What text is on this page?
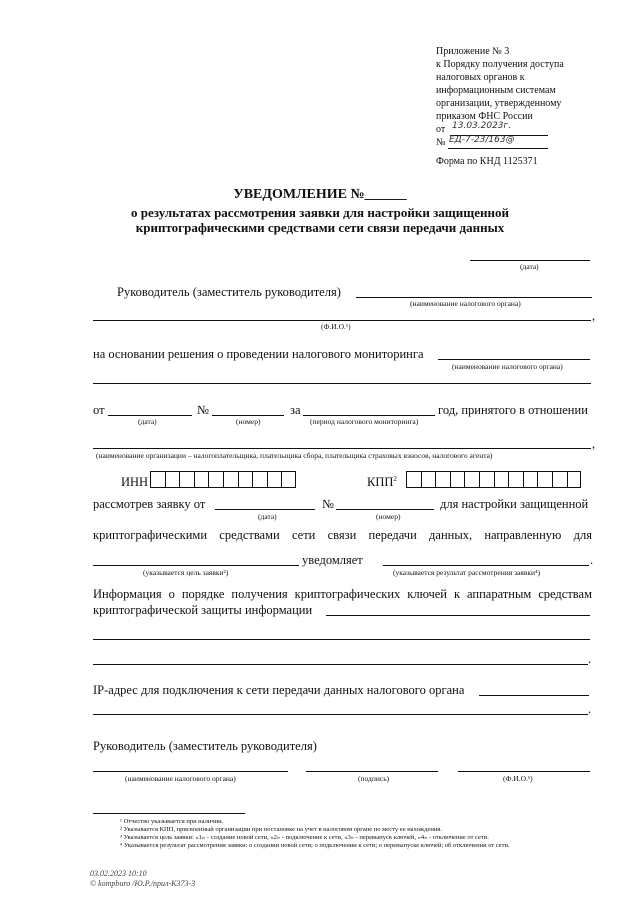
Приложение № 3
к Порядку получения доступа
налоговых органов к
информационным системам
организации, утвержденному
приказом ФНС России
от 13.03.2023г.
№ ЕД-7-23/163@
Форма по КНД 1125371
УВЕДОМЛЕНИЕ №______
о результатах рассмотрения заявки для настройки защищенной
криптографическими средствами сети связи передачи данных
(дата)
Руководитель (заместитель руководителя)
(наименование налогового органа)
,
(Ф.И.О.¹)
на основании решения о проведении налогового мониторинга
(наименование налогового органа)
от
(дата)
№
(номер)
за
(период налогового мониторинга)
год, принятого в отношении
,
(наименование организации – налогоплательщика, плательщика сбора, плательщика страховых взносов, налогового агента)
ИНН	КПП$^2$
рассмотрев заявку от
(дата)
№
(номер)
для настройки защищенной
криптографическими средствами сети связи передачи данных, направленную для
(указывается цель заявки²)
уведомляет	.
(указывается результат рассмотрения заявки⁴)
Информация о порядке получения криптографических ключей к аппаратным средствам
криптографической защиты информации
.
IP-адрес для подключения к сети передачи данных налогового органа
.
Руководитель (заместитель руководителя)
(наименование налогового органа)	(подпись)	(Ф.И.О.¹)
¹ Отчество указывается при наличии.
² Указывается КПП, присвоенный организации при постановке на учет в налоговом органе по месту ее нахождения.
³ Указывается цель заявки: «1» - создание новой сети, «2» - подключение к сети, «3» - перевыпуск ключей, «4» - отключение от сети.
⁴ Указывается результат рассмотрения заявки: о создании новой сети; о подключении к сети; о перевыпуске ключей; об отключении от сети.
03.02.2023 10:10
© kompburo /Ю.Р./прил-К373-3
